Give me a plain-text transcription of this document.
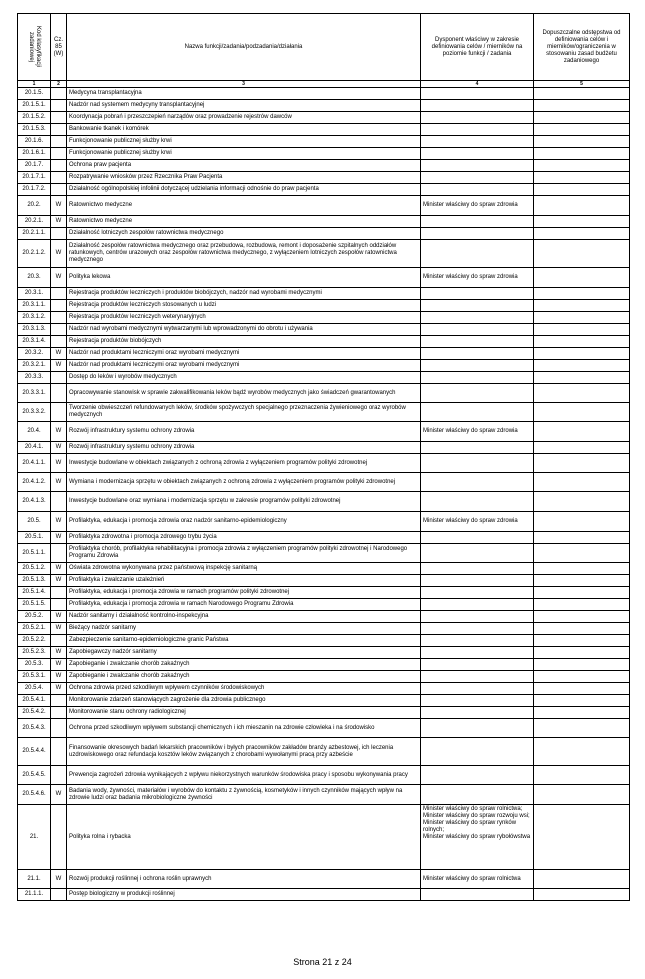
Kod klasyfikacji zadaniowej	Cz. 85 (W)	Nazwa funkcji/zadania/podzadania/działania	Dysponent właściwy w zakresie definiowania celów / mierników na poziomie funkcji / zadania	Dopuszczalne odstępstwa od definiowania celów i mierników/ograniczenia w stosowaniu zasad budżetu zadaniowego
1	2	3	4	5
20.1.5.		Medycyna transplantacyjna		
20.1.5.1.		Nadzór nad systemem medycyny transplantacyjnej		
20.1.5.2.		Koordynacja pobrań i przeszczepień narządów oraz prowadzenie rejestrów dawców		
20.1.5.3.		Bankowanie tkanek i komórek		
20.1.6.		Funkcjonowanie publicznej służby krwi		
20.1.6.1.		Funkcjonowanie publicznej służby krwi		
20.1.7.		Ochrona praw pacjenta		
20.1.7.1.		Rozpatrywanie wniosków przez Rzecznika Praw Pacjenta		
20.1.7.2.		Działalność ogólnopolskiej infolinii dotyczącej udzielania informacji odnośnie do praw pacjenta		
20.2.	W	Ratownictwo medyczne	Minister właściwy do spraw zdrowia	
20.2.1.	W	Ratownictwo medyczne		
20.2.1.1.		Działalność lotniczych zespołów ratownictwa medycznego		
20.2.1.2.	W	Działalność zespołów ratownictwa medycznego oraz przebudowa, rozbudowa, remont i doposażenie szpitalnych oddziałów ratunkowych, centrów urazowych oraz zespołów ratownictwa medycznego, z wyłączeniem lotniczych zespołów ratownictwa medycznego		
20.3.	W	Polityka lekowa	Minister właściwy do spraw zdrowia	
20.3.1.		Rejestracja produktów leczniczych i produktów biobójczych, nadzór nad wyrobami medycznymi		
20.3.1.1.		Rejestracja produktów leczniczych stosowanych u ludzi		
20.3.1.2.		Rejestracja produktów leczniczych weterynaryjnych		
20.3.1.3.		Nadzór nad wyrobami medycznymi wytwarzanymi lub wprowadzonymi do obrotu i używania		
20.3.1.4.		Rejestracja produktów biobójczych		
20.3.2.	W	Nadzór nad produktami leczniczymi oraz wyrobami medycznymi		
20.3.2.1.	W	Nadzór nad produktami leczniczymi oraz wyrobami medycznymi		
20.3.3.		Dostęp do leków i wyrobów medycznych		
20.3.3.1.		Opracowywanie stanowisk w sprawie zakwalifikowania leków bądź wyrobów medycznych jako świadczeń gwarantowanych		
20.3.3.2.		Tworzenie obwieszczeń refundowanych leków, środków spożywczych specjalnego przeznaczenia żywieniowego oraz wyrobów medycznych		
20.4.	W	Rozwój infrastruktury systemu ochrony zdrowia	Minister właściwy do spraw zdrowia	
20.4.1.	W	Rozwój infrastruktury systemu ochrony zdrowia		
20.4.1.1.	W	Inwestycje budowlane w obiektach związanych z ochroną zdrowia z wyłączeniem programów polityki zdrowotnej		
20.4.1.2.	W	Wymiana i modernizacja sprzętu w obiektach związanych z ochroną zdrowia z wyłączeniem programów polityki zdrowotnej		
20.4.1.3.		Inwestycje budowlane oraz wymiana i modernizacja sprzętu w zakresie programów polityki zdrowotnej		
20.5.	W	Profilaktyka, edukacja i promocja zdrowia oraz nadzór sanitarno-epidemiologiczny	Minister właściwy do spraw zdrowia	
20.5.1.	W	Profilaktyka zdrowotna i promocja zdrowego trybu życia		
20.5.1.1.		Profilaktyka chorób, profilaktyka rehabilitacyjna i promocja zdrowia z wyłączeniem programów polityki zdrowotnej i Narodowego Programu Zdrowia		
20.5.1.2.	W	Oświata zdrowotna wykonywana przez państwową inspekcję sanitarną		
20.5.1.3.	W	Profilaktyka i zwalczanie uzależnień		
20.5.1.4.		Profilaktyka, edukacja i promocja zdrowia w ramach programów polityki zdrowotnej		
20.5.1.5.		Profilaktyka, edukacja i promocja zdrowia w ramach Narodowego Programu Zdrowia		
20.5.2.	W	Nadzór sanitarny i działalność kontrolno-inspekcyjna		
20.5.2.1.	W	Bieżący nadzór sanitarny		
20.5.2.2.		Zabezpieczenie sanitarno-epidemiologiczne granic Państwa		
20.5.2.3.	W	Zapobiegawczy nadzór sanitarny		
20.5.3.	W	Zapobieganie i zwalczanie chorób zakaźnych		
20.5.3.1.	W	Zapobieganie i zwalczanie chorób zakaźnych		
20.5.4.	W	Ochrona zdrowia przed szkodliwym wpływem czynników środowiskowych		
20.5.4.1.		Monitorowanie zdarzeń stanowiących zagrożenie dla zdrowia publicznego		
20.5.4.2.		Monitorowanie stanu ochrony radiologicznej		
20.5.4.3.		Ochrona przed szkodliwym wpływem substancji chemicznych i ich mieszanin na zdrowie człowieka i na środowisko		
20.5.4.4.		Finansowanie okresowych badań lekarskich pracowników i byłych pracowników zakładów branży azbestowej, ich leczenia uzdrowiskowego oraz refundacja kosztów leków związanych z chorobami wywołanymi pracą przy azbeście		
20.5.4.5.		Prewencja zagrożeń zdrowia wynikających z wpływu niekorzystnych warunków środowiska pracy i sposobu wykonywania pracy		
20.5.4.6.	W	Badania wody, żywności, materiałów i wyrobów do kontaktu z żywnością, kosmetyków i innych czynników mających wpływ na zdrowie ludzi oraz badania mikrobiologiczne żywności		
21.		Polityka rolna i rybacka	Minister właściwy do spraw rolnictwa;
Minister właściwy do spraw rozwoju wsi;
Minister właściwy do spraw rynków rolnych;
Minister właściwy do spraw rybołówstwa	
21.1.	W	Rozwój produkcji roślinnej i ochrona roślin uprawnych	Minister właściwy do spraw rolnictwa	
21.1.1.		Postęp biologiczny w produkcji roślinnej		
Strona 21 z 24
